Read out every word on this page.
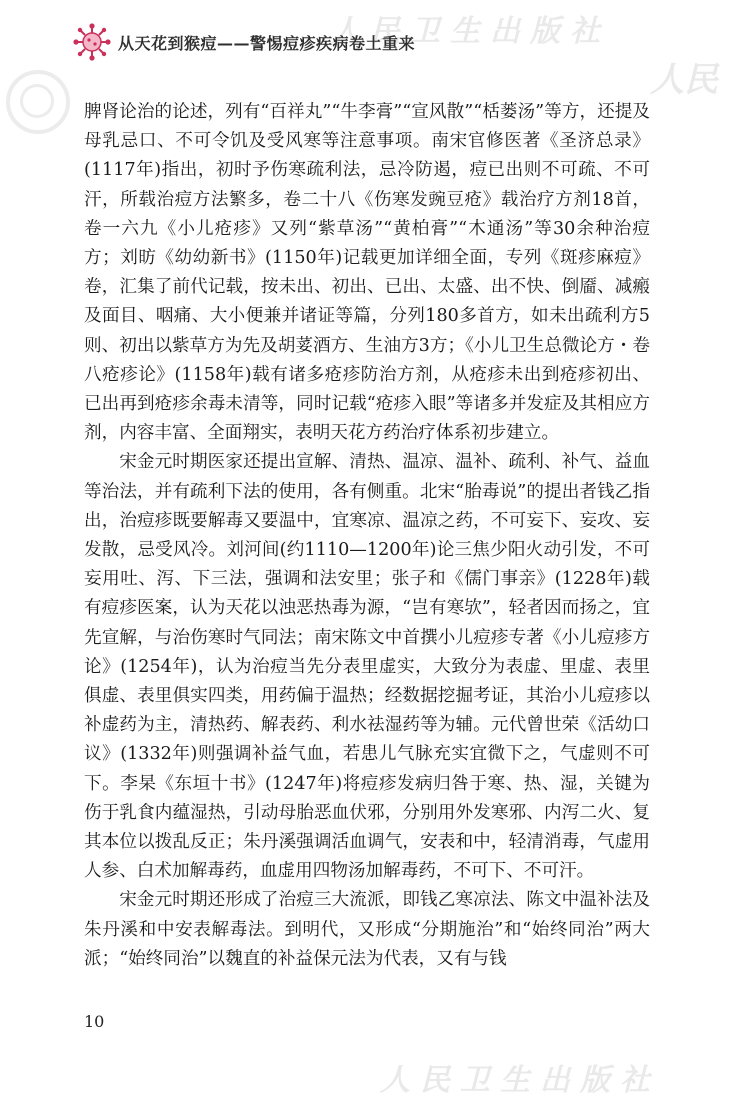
人民卫生出版社
人民
人民卫生出版社
从天花到猴痘——警惕痘疹疾病卷土重来

脾肾论治的论述，列有“百祥丸”“牛李膏”“宣风散”“栝蒌汤”等方，还提及母乳忌口、不可令饥及受风寒等注意事项。南宋官修医著《圣济总录》(1117年)指出，初时予伤寒疏利法，忌冷防遏，痘已出则不可疏、不可汗，所载治痘方法繁多，卷二十八《伤寒发豌豆疮》载治疗方剂18首，卷一六九《小儿疮疹》又列“紫草汤”“黄柏膏”“木通汤”等30余种治痘方；刘昉《幼幼新书》(1150年)记载更加详细全面，专列《斑疹麻痘》卷，汇集了前代记载，按未出、初出、已出、太盛、出不快、倒靥、减瘢及面目、咽痛、大小便兼并诸证等篇，分列180多首方，如未出疏利方5则、初出以紫草方为先及胡荽酒方、生油方3方；《小儿卫生总微论方・卷八疮疹论》(1158年)载有诸多疮疹防治方剂，从疮疹未出到疮疹初出、已出再到疮疹余毒未清等，同时记载“疮疹入眼”等诸多并发症及其相应方剂，内容丰富、全面翔实，表明天花方药治疗体系初步建立。

宋金元时期医家还提出宣解、清热、温凉、温补、疏利、补气、益血等治法，并有疏利下法的使用，各有侧重。北宋“胎毒说”的提出者钱乙指出，治痘疹既要解毒又要温中，宜寒凉、温凉之药，不可妄下、妄攻、妄发散，忌受风冷。刘河间(约1110—1200年)论三焦少阳火动引发，不可妄用吐、泻、下三法，强调和法安里；张子和《儒门事亲》(1228年)载有痘疹医案，认为天花以浊恶热毒为源，“岂有寒欤”，轻者因而扬之，宜先宣解，与治伤寒时气同法；南宋陈文中首撰小儿痘疹专著《小儿痘疹方论》(1254年)，认为治痘当先分表里虚实，大致分为表虚、里虚、表里俱虚、表里俱实四类，用药偏于温热；经数据挖掘考证，其治小儿痘疹以补虚药为主，清热药、解表药、利水祛湿药等为辅。元代曾世荣《活幼口议》(1332年)则强调补益气血，若患儿气脉充实宜微下之，气虚则不可下。李杲《东垣十书》(1247年)将痘疹发病归咎于寒、热、湿，关键为伤于乳食内蕴湿热，引动母胎恶血伏邪，分别用外发寒邪、内泻二火、复其本位以拨乱反正；朱丹溪强调活血调气，安表和中，轻清消毒，气虚用人参、白术加解毒药，血虚用四物汤加解毒药，不可下、不可汗。

宋金元时期还形成了治痘三大流派，即钱乙寒凉法、陈文中温补法及朱丹溪和中安表解毒法。到明代，又形成“分期施治”和“始终同治”两大派；“始终同治”以魏直的补益保元法为代表，又有与钱

10
